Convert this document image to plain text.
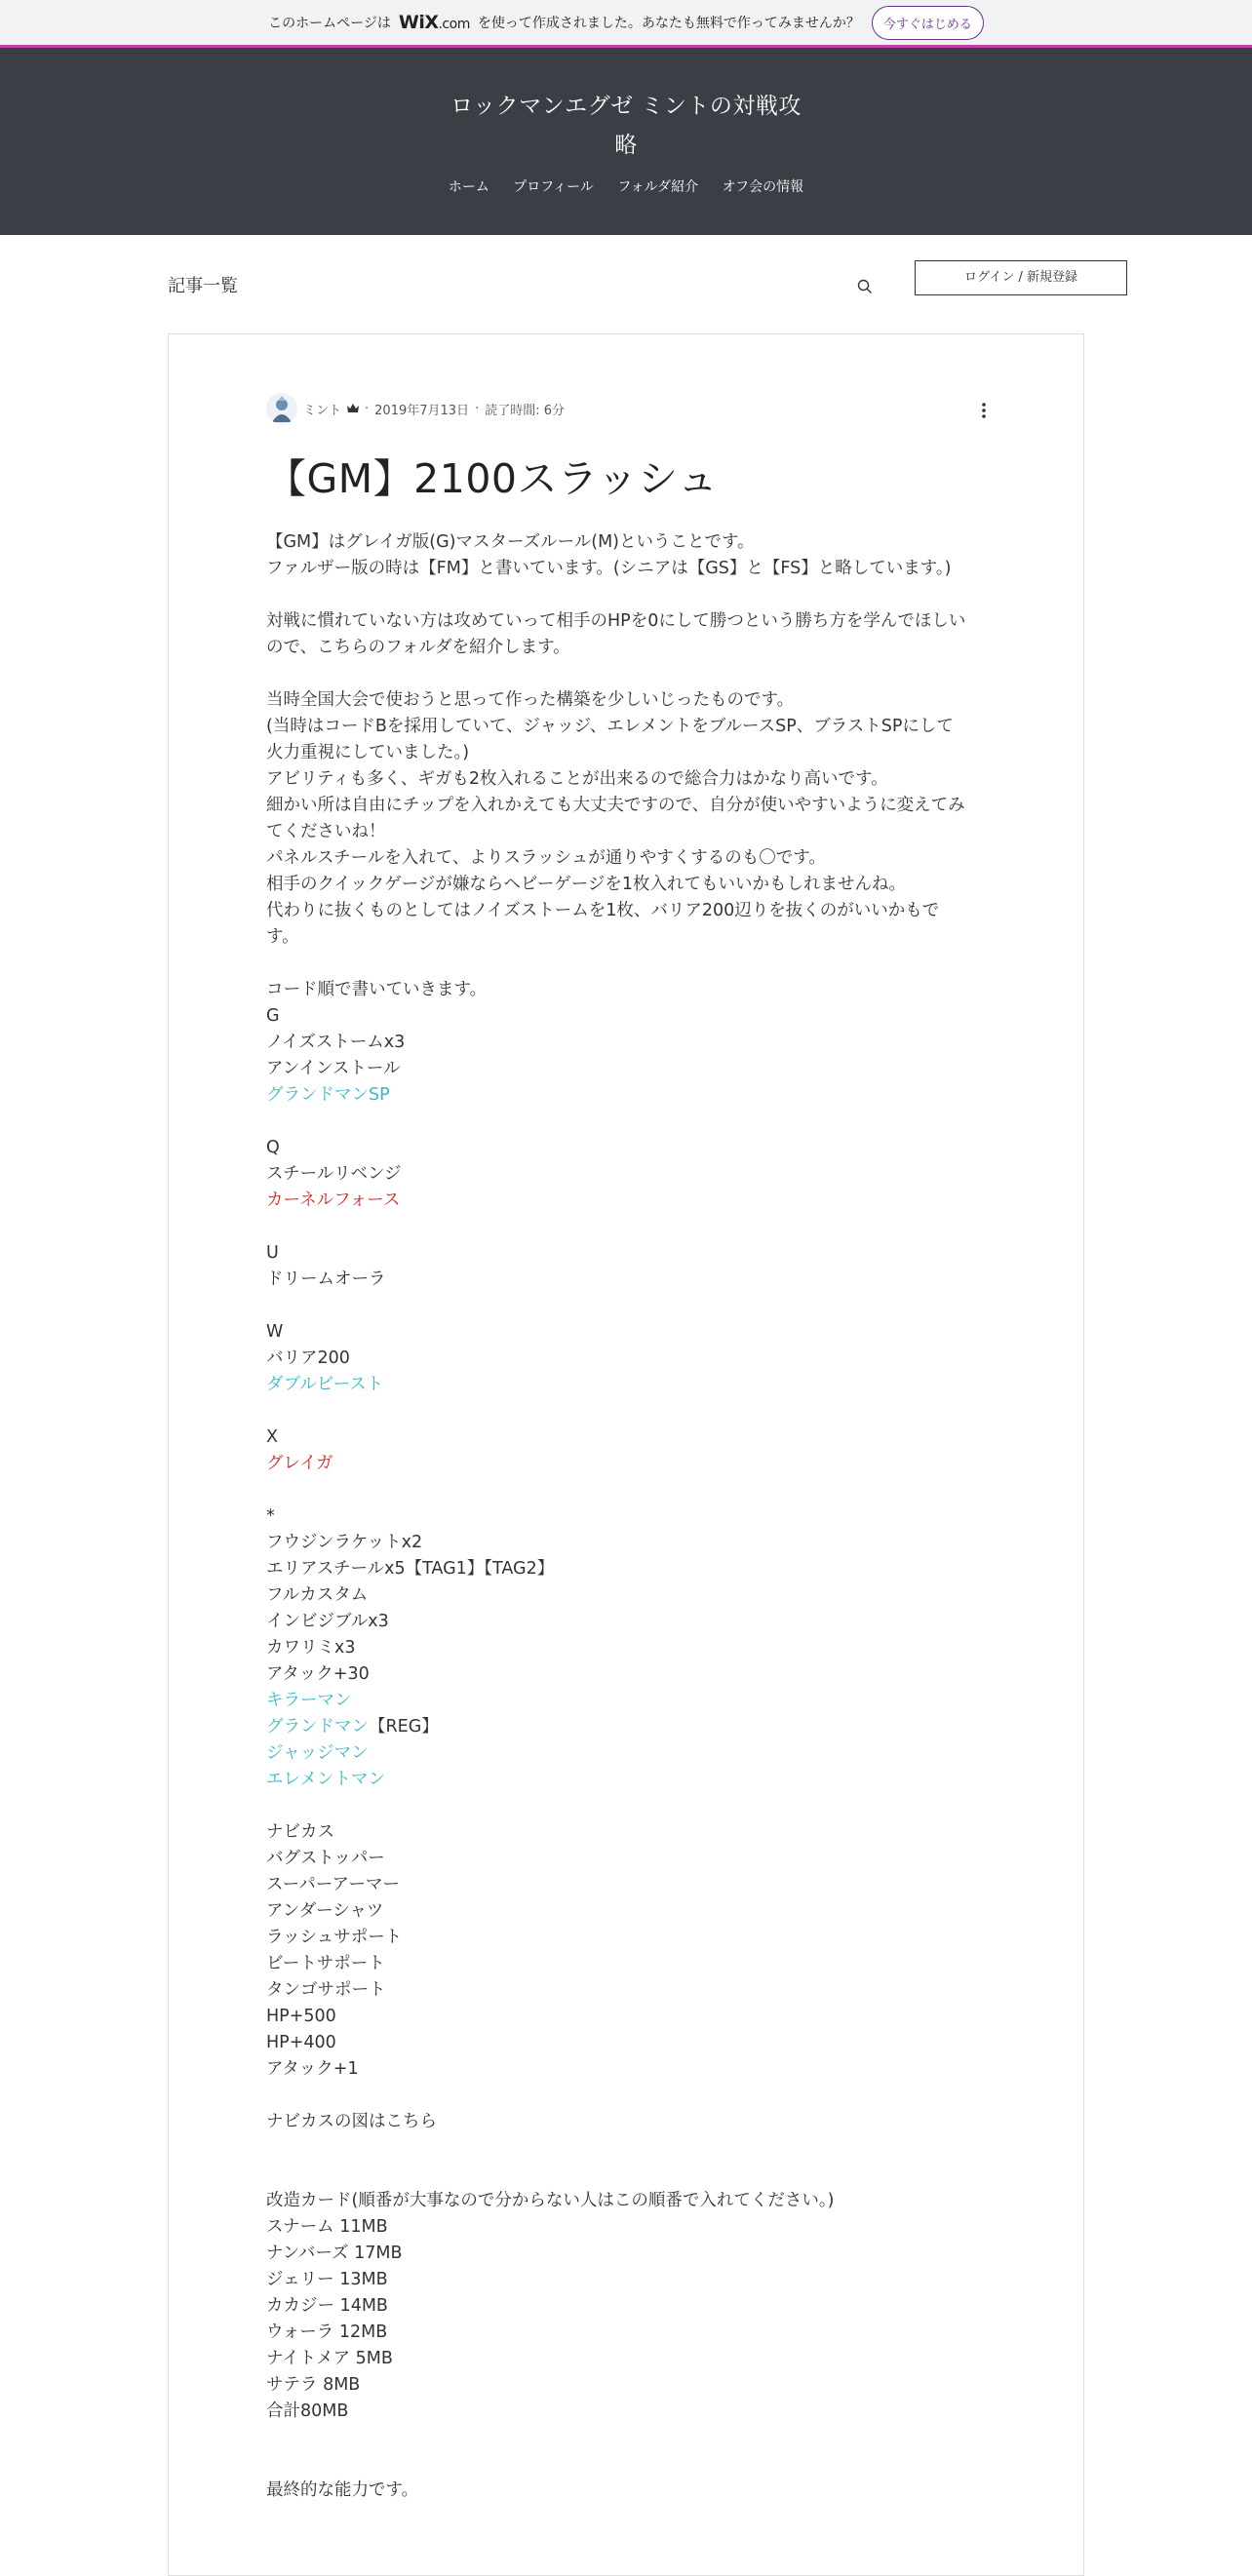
このホームページは WiX.com を使って作成されました。あなたも無料で作ってみませんか？	今すぐはじめる
ロックマンエグゼ ミントの対戦攻
略
ホーム プロフィール フォルダ紹介 オフ会の情報
記事一覧	ログイン / 新規登録
ミント · 2019年7月13日 · 読了時間: 6分
【GM】2100スラッシュ

【GM】はグレイガ版(G)マスターズルール(M)ということです。

ファルザー版の時は【FM】と書いています。(シニアは【GS】と【FS】と略しています。)

対戦に慣れていない方は攻めていって相手のHPを0にして勝つという勝ち方を学んでほしい

ので、こちらのフォルダを紹介します。

当時全国大会で使おうと思って作った構築を少しいじったものです。

(当時はコードBを採用していて、ジャッジ、エレメントをブルースSP、ブラストSPにして

火力重視にしていました。)

アビリティも多く、ギガも2枚入れることが出来るので総合力はかなり高いです。

細かい所は自由にチップを入れかえても大丈夫ですので、自分が使いやすいように変えてみ

てくださいね！

パネルスチールを入れて、よりスラッシュが通りやすくするのも〇です。

相手のクイックゲージが嫌ならヘビーゲージを1枚入れてもいいかもしれませんね。

代わりに抜くものとしてはノイズストームを1枚、バリア200辺りを抜くのがいいかもで

す。

コード順で書いていきます。

G

ノイズストームx3

アンインストール

グランドマンSP

Q

スチールリベンジ

カーネルフォース

U

ドリームオーラ

W

バリア200

ダブルビースト

X

グレイガ

*

フウジンラケットx2

エリアスチールx5【TAG1】【TAG2】

フルカスタム

インビジブルx3

カワリミx3

アタック+30

キラーマン

グランドマン【REG】

ジャッジマン

エレメントマン

ナビカス

バグストッパー

スーパーアーマー

アンダーシャツ

ラッシュサポート

ビートサポート

タンゴサポート

HP+500

HP+400

アタック+1

ナビカスの図はこちら

改造カード(順番が大事なので分からない人はこの順番で入れてください。)

スナーム 11MB

ナンバーズ 17MB

ジェリー 13MB

カカジー 14MB

ウォーラ 12MB

ナイトメア 5MB

サテラ 8MB

合計80MB

最終的な能力です。
